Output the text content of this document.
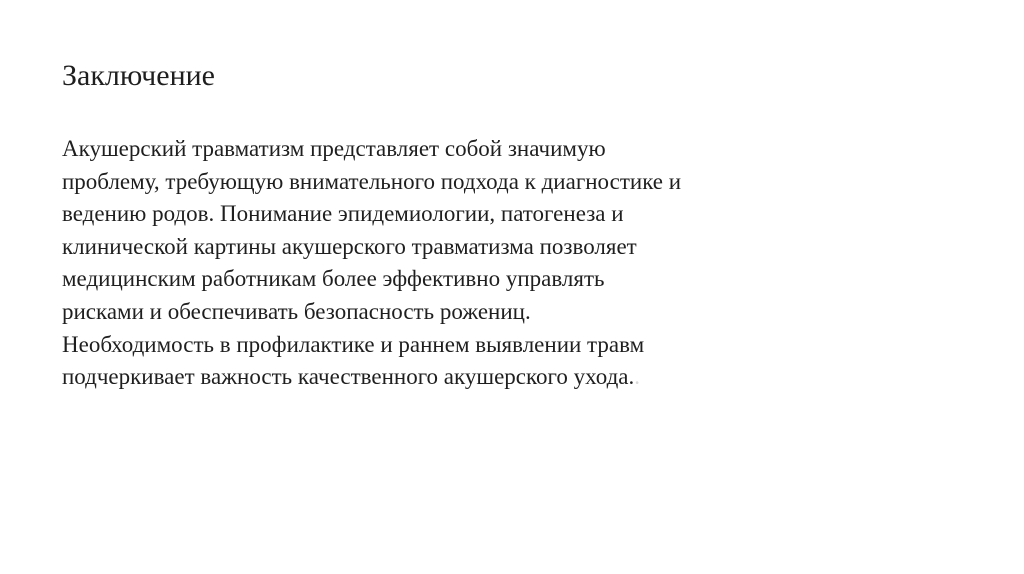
Заключение

Акушерский травматизм представляет собой значимую
проблему, требующую внимательного подхода к диагностике и
ведению родов. Понимание эпидемиологии, патогенеза и
клинической картины акушерского травматизма позволяет
медицинским работникам более эффективно управлять
рисками и обеспечивать безопасность рожениц.
Необходимость в профилактике и раннем выявлении травм
подчеркивает важность качественного акушерского ухода..
